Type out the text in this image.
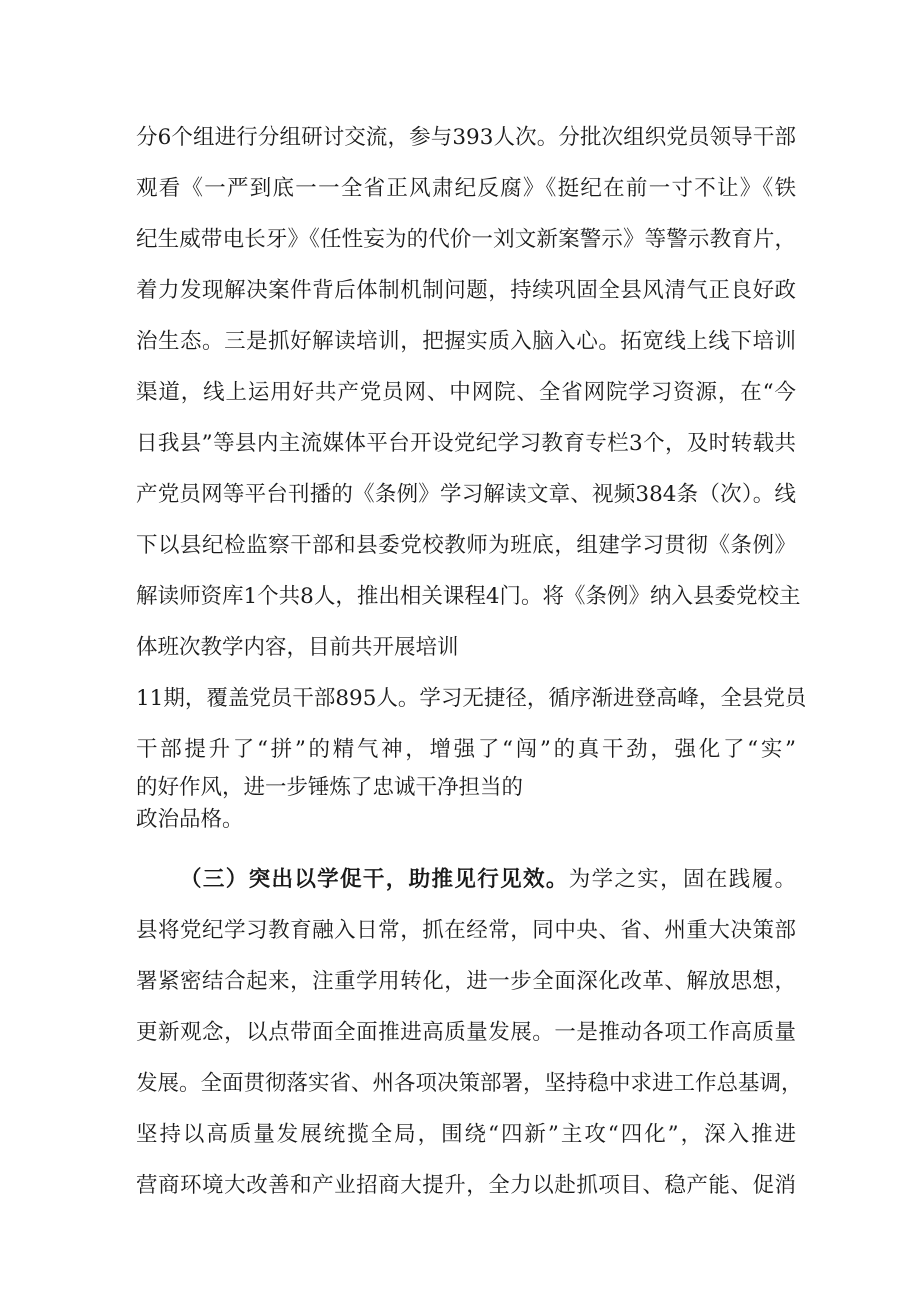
分6个组进行分组研讨交流，参与393人次。分批次组织党员领导干部
观看《一严到底一一全省正风肃纪反腐》《挺纪在前一寸不让》《铁
纪生威带电长牙》《任性妄为的代价一刘文新案警示》等警示教育片，
着力发现解决案件背后体制机制问题，持续巩固全县风清气正良好政
治生态。三是抓好解读培训，把握实质入脑入心。拓宽线上线下培训
渠道，线上运用好共产党员网、中网院、全省网院学习资源，在“今
日我县”等县内主流媒体平台开设党纪学习教育专栏3个，及时转载共
产党员网等平台刊播的《条例》学习解读文章、视频384条（次）。线
下以县纪检监察干部和县委党校教师为班底，组建学习贯彻《条例》
解读师资库1个共8人，推出相关课程4门。将《条例》纳入县委党校主
体班次教学内容，目前共开展培训
11期，覆盖党员干部895人。学习无捷径，循序渐进登高峰，全县党员
干部提升了“拼”的精气神，增强了“闯”的真干劲，强化了“实”
的好作风，进一步锤炼了忠诚干净担当的
政治品格。
（三）突出以学促干，助推见行见效。为学之实，固在践履。
县将党纪学习教育融入日常，抓在经常，同中央、省、州重大决策部
署紧密结合起来，注重学用转化，进一步全面深化改革、解放思想，
更新观念，以点带面全面推进高质量发展。一是推动各项工作高质量
发展。全面贯彻落实省、州各项决策部署，坚持稳中求进工作总基调，
坚持以高质量发展统揽全局，围绕“四新”主攻“四化”，深入推进
营商环境大改善和产业招商大提升，全力以赴抓项目、稳产能、促消
